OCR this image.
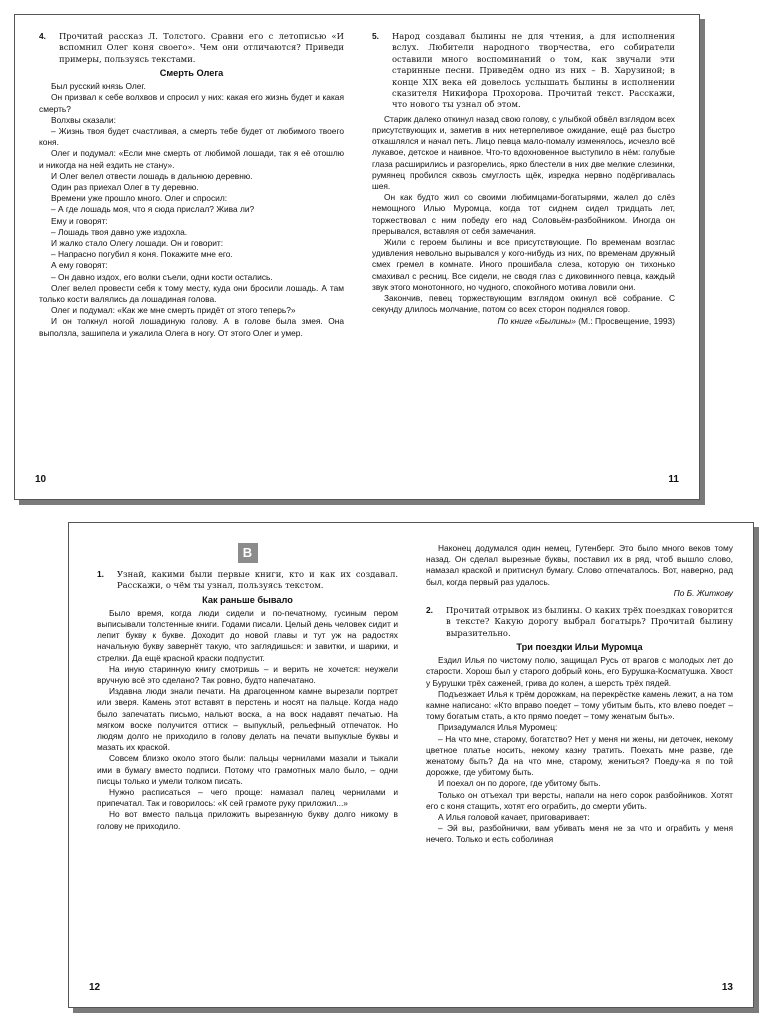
4.	Прочитай рассказ Л. Толстого. Сравни его с летописью «И вспомнил Олег коня своего». Чем они отличаются? Приведи примеры, пользуясь текстами.
Смерть Олега

Был русский князь Олег.

Он призвал к себе волхвов и спросил у них: какая его жизнь будет и какая смерть?

Волхвы сказали:

– Жизнь твоя будет счастливая, а смерть тебе будет от любимого твоего коня.

Олег и подумал: «Если мне смерть от любимой лошади, так я её отошлю и никогда на ней ездить не стану».

И Олег велел отвести лошадь в дальнюю деревню.

Один раз приехал Олег в ту деревню.

Времени уже прошло много. Олег и спросил:

– А где лошадь моя, что я сюда прислал? Жива ли?

Ему и говорят:

– Лошадь твоя давно уже издохла.

И жалко стало Олегу лошади. Он и говорит:

– Напрасно погубил я коня. Покажите мне его.

А ему говорят:

– Он давно издох, его волки съели, одни кости остались.

Олег велел провести себя к тому месту, куда они бросили лошадь. А там только кости валялись да лошадиная голова.

Олег и подумал: «Как же мне смерть придёт от этого теперь?»

И он толкнул ногой лошадиную голову. А в голове была змея. Она выползла, зашипела и ужалила Олега в ногу. От этого Олег и умер.

10
5.	Народ создавал былины не для чтения, а для исполнения вслух. Любители народного творчества, его собиратели оставили много воспоминаний о том, как звучали эти старинные песни. Приведём одно из них – В. Харузиной; в конце XIX века ей довелось услышать былины в исполнении сказителя Никифора Прохорова. Прочитай текст. Расскажи, что нового ты узнал об этом.

Старик далеко откинул назад свою голову, с улыбкой обвёл взглядом всех присутствующих и, заметив в них нетерпеливое ожидание, ещё раз быстро откашлялся и начал петь. Лицо певца мало-помалу изменялось, исчезло всё лукавое, детское и наивное. Что-то вдохновенное выступило в нём: голубые глаза расширились и разгорелись, ярко блестели в них две мелкие слезинки, румянец пробился сквозь смуглость щёк, изредка нервно подёргивалась шея.

Он как будто жил со своими любимцами-богатырями, жалел до слёз немощного Илью Муромца, когда тот сиднем сидел тридцать лет, торжествовал с ним победу его над Соловьём-разбойником. Иногда он прерывался, вставляя от себя замечания.

Жили с героем былины и все присутствующие. По временам возглас удивления невольно вырывался у кого-нибудь из них, по временам дружный смех гремел в комнате. Иного прошибала слеза, которую он тихонько смахивал с ресниц. Все сидели, не сводя глаз с диковинного певца, каждый звук этого монотонного, но чудного, спокойного мотива ловили они.

Закончив, певец торжествующим взглядом окинул всё собрание. С секунду длилось молчание, потом со всех сторон поднялся говор.

По книге «Былины» (М.: Просвещение, 1993)

11
В
1.	Узнай, какими были первые книги, кто и как их создавал. Расскажи, о чём ты узнал, пользуясь текстом.
Как раньше бывало

Было время, когда люди сидели и по-печатному, гусиным пером выписывали толстенные книги. Годами писали. Целый день человек сидит и лепит букву к букве. Доходит до новой главы и тут уж на радостях начальную букву завернёт такую, что заглядишься: и завитки, и шарики, и стрелки. Да ещё красной краски подпустит.

На иную старинную книгу смотришь – и верить не хочется: неужели вручную всё это сделано? Так ровно, будто напечатано.

Издавна люди знали печати. На драгоценном камне вырезали портрет или зверя. Камень этот вставят в перстень и носят на пальце. Когда надо было запечатать письмо, нальют воска, а на воск надавят печатью. На мягком воске получится оттиск – выпуклый, рельефный отпечаток. Но людям долго не приходило в голову делать на печати выпуклые буквы и мазать их краской.

Совсем близко около этого были: пальцы чернилами мазали и тыкали ими в бумагу вместо подписи. Потому что грамотных мало было, – одни писцы только и умели толком писать.

Нужно расписаться – чего проще: намазал палец чернилами и припечатал. Так и говорилось: «К сей грамоте руку приложил...»

Но вот вместо пальца приложить вырезанную букву долго никому в голову не приходило.

12

Наконец додумался один немец, Гутенберг. Это было много веков тому назад. Он сделал вырезные буквы, поставил их в ряд, чтоб вышло слово, намазал краской и притиснул бумагу. Слово отпечаталось. Вот, наверно, рад был, когда первый раз удалось.

По Б. Житкову

2.	Прочитай отрывок из былины. О каких трёх поездках говорится в тексте? Какую дорогу выбрал богатырь? Прочитай былину выразительно.
Три поездки Ильи Муромца

Ездил Илья по чистому полю, защищал Русь от врагов с молодых лет до старости. Хорош был у старого добрый конь, его Бурушка-Косматушка. Хвост у Бурушки трёх саженей, грива до колен, а шерсть трёх пядей.

Подъезжает Илья к трём дорожкам, на перекрёстке камень лежит, а на том камне написано: «Кто вправо поедет – тому убитым быть, кто влево поедет – тому богатым стать, а кто прямо поедет – тому женатым быть».

Призадумался Илья Муромец:

– На что мне, старому, богатство? Нет у меня ни жены, ни деточек, некому цветное платье носить, некому казну тратить. Поехать мне разве, где женатому быть? Да на что мне, старому, жениться? Поеду-ка я по той дорожке, где убитому быть.

И поехал он по дороге, где убитому быть.

Только он отъехал три версты, напали на него сорок разбойников. Хотят его с коня стащить, хотят его ограбить, до смерти убить.

А Илья головой качает, приговаривает:

– Эй вы, разбойнички, вам убивать меня не за что и ограбить у меня нечего. Только и есть соболиная

13
